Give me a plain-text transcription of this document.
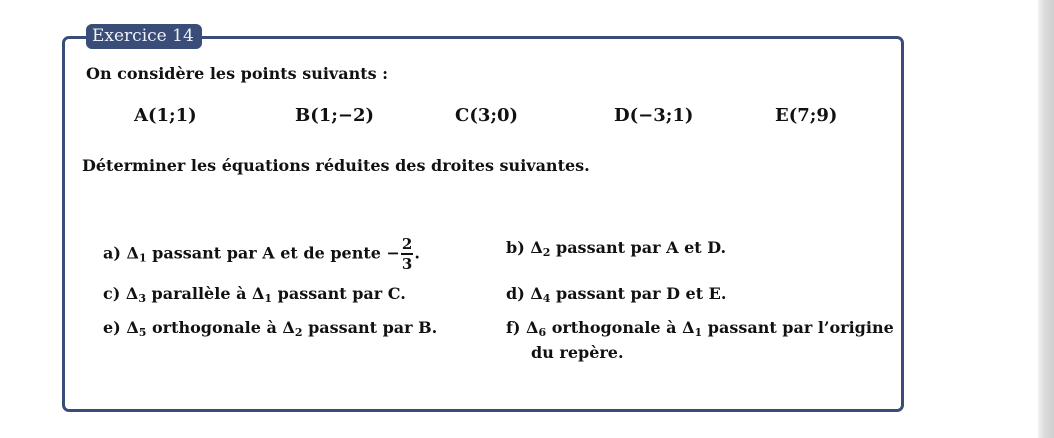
Exercice 14
On considère les points suivants :
A(1;1)	B(1;−2)	C(3;0)	D(−3;1)	E(7;9)
Déterminer les équations réduites des droites suivantes.
a) $\Delta_1$ passant par A et de pente − $\frac{2}{3}$ .	b) $\Delta_2$ passant par A et D.
c) $\Delta_3$ parallèle à $\Delta_1$ passant par C.	d) $\Delta_4$ passant par D et E.
e) $\Delta_5$ orthogonale à $\Delta_2$ passant par B.	f) $\Delta_6$ orthogonale à $\Delta_1$ passant par l’origine
du repère.
